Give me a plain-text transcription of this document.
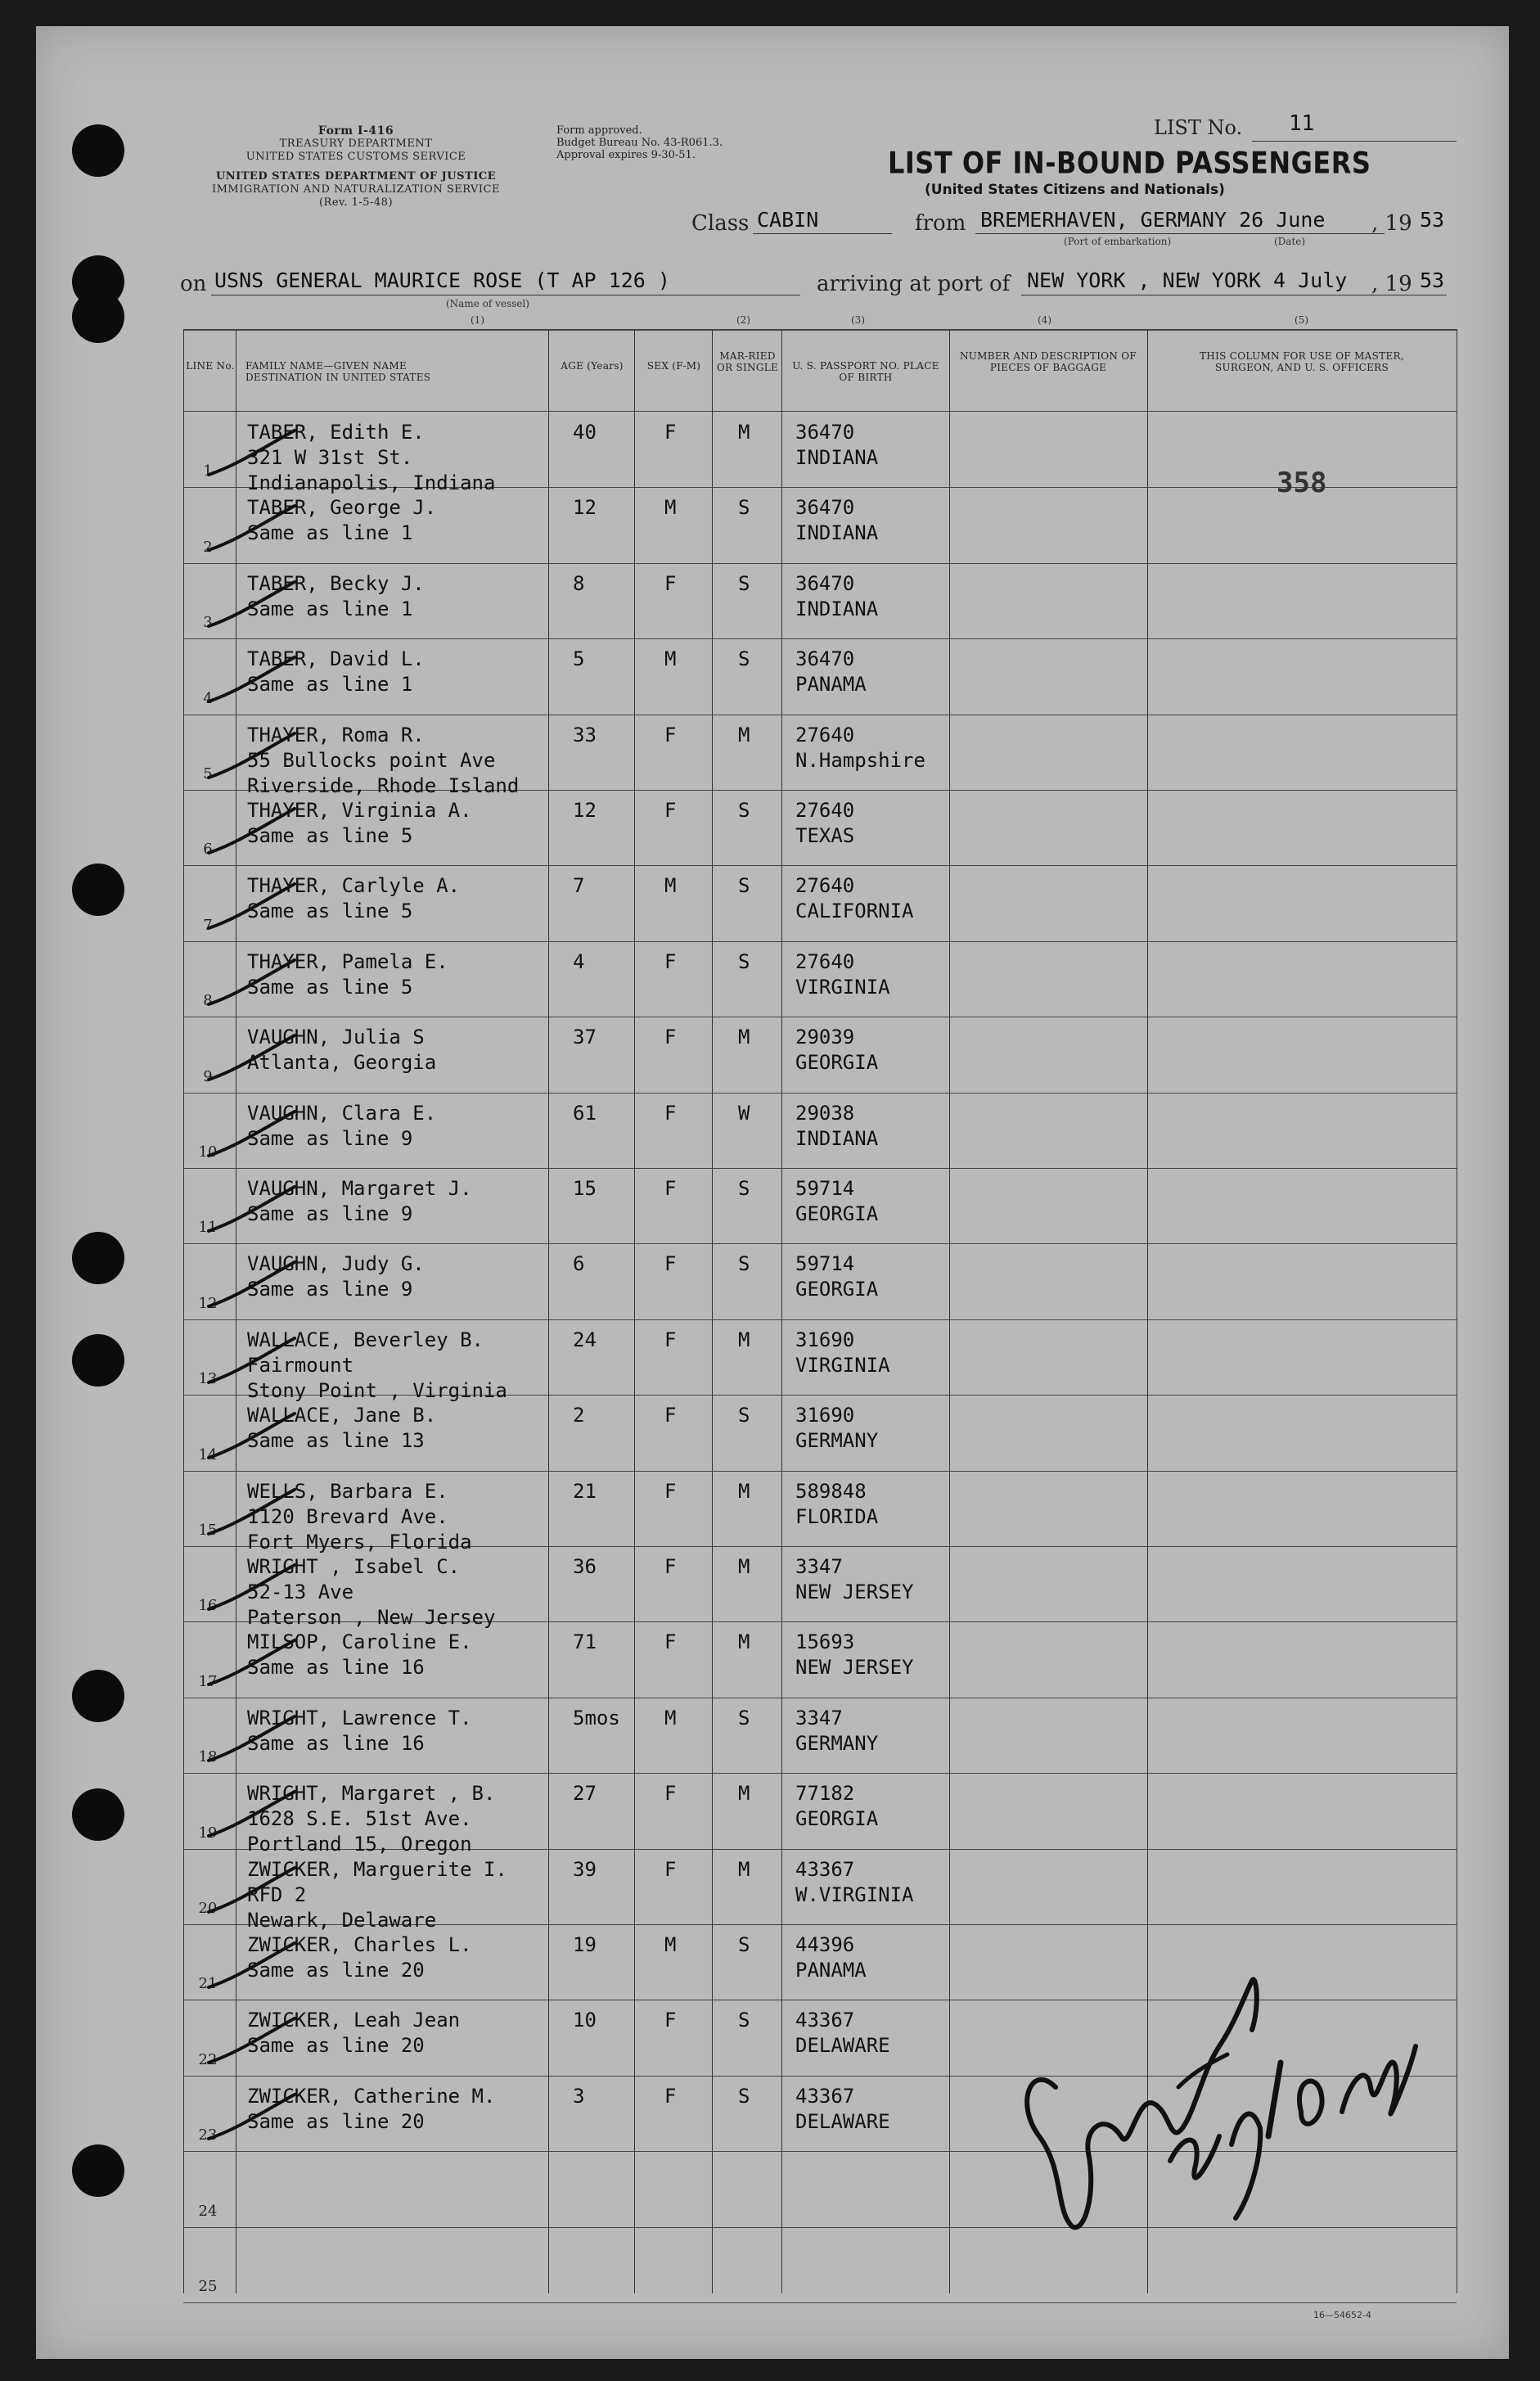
Form I-416
TREASURY DEPARTMENT
UNITED STATES CUSTOMS SERVICE
UNITED STATES DEPARTMENT OF JUSTICE
IMMIGRATION AND NATURALIZATION SERVICE
(Rev. 1-5-48)
Form approved.
Budget Bureau No. 43-R061.3.
Approval expires 9-30-51.
LIST No. 11
LIST OF IN-BOUND PASSENGERS
(United States Citizens and Nationals)
Class CABIN	from BREMERHAVEN, GERMANY 26 June , 19 53
(Port of embarkation)	(Date)
on USNS GENERAL MAURICE ROSE (T AP 126 )
(Name of vessel)
(1)
arriving at port of NEW YORK , NEW YORK 4 July , 19 53
(2)	(3)	(4)	(5)
LINE No. FAMILY NAME—GIVEN NAME DESTINATION IN UNITED STATES
AGE (Years)	SEX (F-M)
MAR-RIED OR SINGLE	U. S. PASSPORT NO. PLACE OF BIRTH
NUMBER AND DESCRIPTION OF PIECES OF BAGGAGE
THIS COLUMN FOR USE OF MASTER, SURGEON, AND U. S. OFFICERS
1
TABER, Edith E.
321 W 31st St.
Indianapolis, Indiana
40	F	M 36470
INDIANA
2
TABER, George J.
Same as line 1
12	M	S 36470
INDIANA
3
TABER, Becky J.
Same as line 1
8	F	S 36470
INDIANA
4
TABER, David L.
Same as line 1
5	M	S 36470
PANAMA
5
THAYER, Roma R.
55 Bullocks point Ave
Riverside, Rhode Island
33	F	M 27640
N.Hampshire
6
THAYER, Virginia A.
Same as line 5
12	F	S 27640
TEXAS
7
THAYER, Carlyle A.
Same as line 5
7	M	S 27640
CALIFORNIA
8
THAYER, Pamela E.
Same as line 5
4	F	S 27640
VIRGINIA
9
VAUGHN, Julia S
Atlanta, Georgia
37	F	M 29039
GEORGIA
10
VAUGHN, Clara E.
Same as line 9
61	F	W 29038
INDIANA
11
VAUGHN, Margaret J.
Same as line 9
15	F	S 59714
GEORGIA
12
VAUGHN, Judy G.
Same as line 9
6	F	S 59714
GEORGIA
13
WALLACE, Beverley B.
Fairmount
Stony Point , Virginia
24	F	M 31690
VIRGINIA
14
WALLACE, Jane B.
Same as line 13
2	F	S 31690
GERMANY
15
WELLS, Barbara E.
1120 Brevard Ave.
Fort Myers, Florida
21	F	M 589848
FLORIDA
16
WRIGHT , Isabel C.
52-13 Ave
Paterson , New Jersey
36	F	M 3347
NEW JERSEY
17
MILSOP, Caroline E.
Same as line 16
71	F	M 15693
NEW JERSEY
18
WRIGHT, Lawrence T.
Same as line 16
5mos M	S 3347
GERMANY
19
WRIGHT, Margaret , B.
1628 S.E. 51st Ave.
Portland 15, Oregon
27	F	M 77182
GEORGIA
20
ZWICKER, Marguerite I.
RFD 2
Newark, Delaware
39	F	M 43367
W.VIRGINIA
21
ZWICKER, Charles L.
Same as line 20
19	M	S 44396
PANAMA
22
ZWICKER, Leah Jean
Same as line 20
10	F	S 43367
DELAWARE
23
ZWICKER, Catherine M.
Same as line 20
3	F	S 43367
DELAWARE
24
25
358
16—54652-4
